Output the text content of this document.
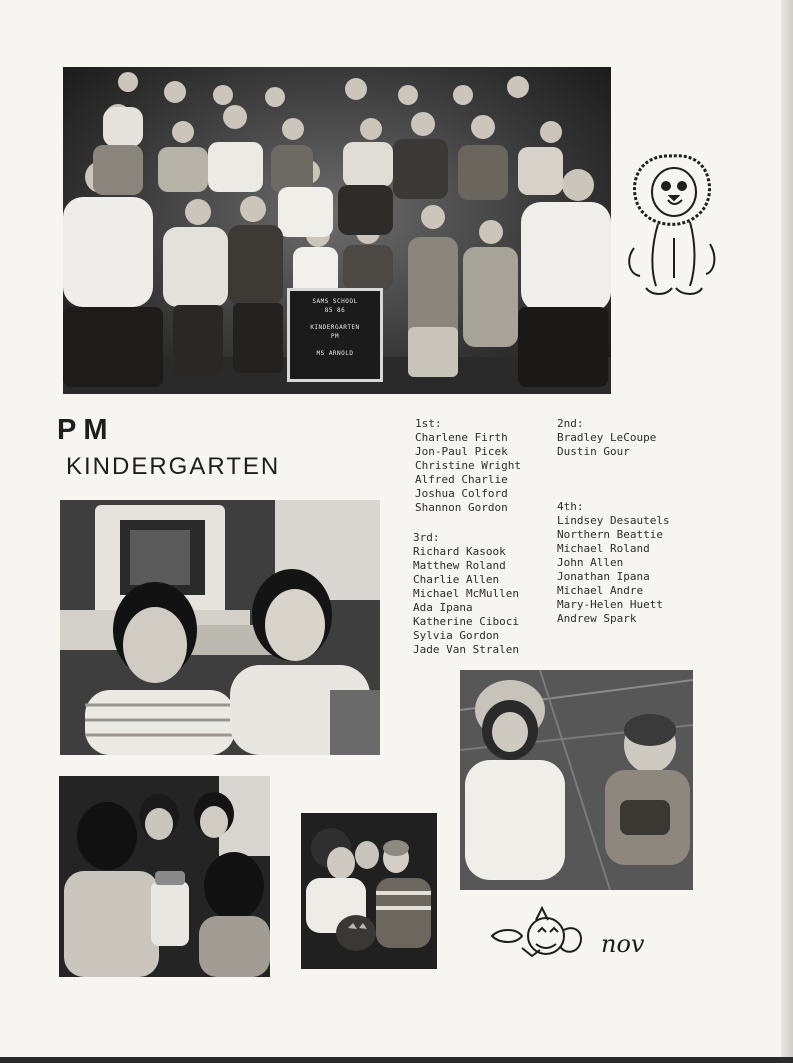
SAMS SCHOOL
85 86
KINDERGARTEN
PM
MS ARNOLD
PM
KINDERGARTEN
1st:
Charlene Firth
Jon-Paul Picek
Christine Wright
Alfred Charlie
Joshua Colford
Shannon Gordon
2nd:
Bradley LeCoupe
Dustin Gour
3rd:
Richard Kasook
Matthew Roland
Charlie Allen
Michael McMullen
Ada Ipana
Katherine Ciboci
Sylvia Gordon
Jade Van Stralen
4th:
Lindsey Desautels
Northern Beattie
Michael Roland
John Allen
Jonathan Ipana
Michael Andre
Mary-Helen Huett
Andrew Spark
nov
